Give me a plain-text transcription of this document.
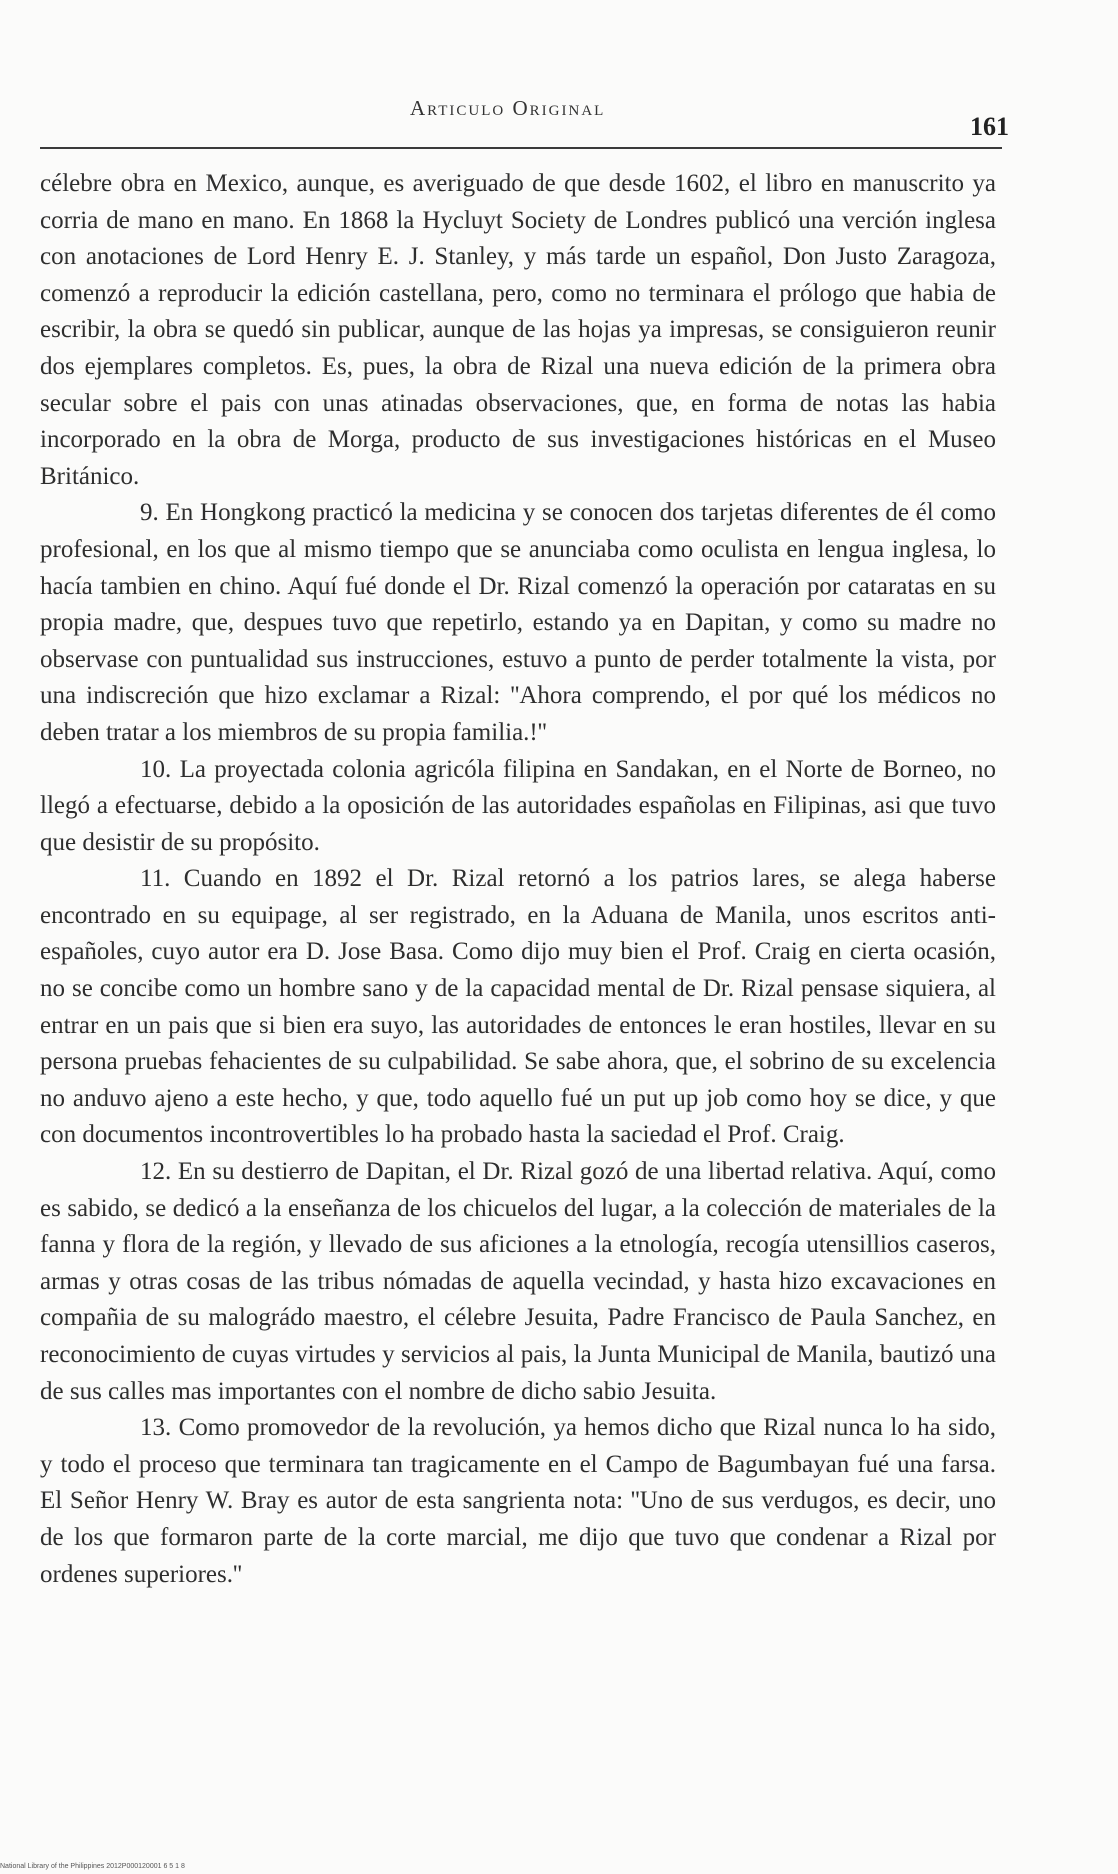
Articulo Original
161

célebre obra en Mexico, aunque, es averiguado de que desde 1602, el libro en manuscrito ya corria de mano en mano. En 1868 la Hycluyt Society de Londres publicó una verción inglesa con anotaciones de Lord Henry E. J. Stanley, y más tarde un español, Don Justo Zaragoza, comenzó a reproducir la edición castellana, pero, como no terminara el prólogo que habia de escribir, la obra se quedó sin publicar, aunque de las hojas ya impresas, se consiguieron reunir dos ejemplares completos. Es, pues, la obra de Rizal una nueva edición de la primera obra secular sobre el pais con unas atinadas observaciones, que, en forma de notas las habia incorporado en la obra de Morga, producto de sus investigaciones históricas en el Museo Británico.

9. En Hongkong practicó la medicina y se conocen dos tarjetas diferentes de él como profesional, en los que al mismo tiempo que se anunciaba como oculista en lengua inglesa, lo hacía tambien en chino. Aquí fué donde el Dr. Rizal comenzó la operación por cataratas en su propia madre, que, despues tuvo que repetirlo, estando ya en Dapitan, y como su madre no observase con puntualidad sus instrucciones, estuvo a punto de perder totalmente la vista, por una indiscreción que hizo exclamar a Rizal: ''Ahora comprendo, el por qué los médicos no deben tratar a los miembros de su propia familia.!''

10. La proyectada colonia agricóla filipina en Sandakan, en el Norte de Borneo, no llegó a efectuarse, debido a la oposición de las autoridades españolas en Filipinas, asi que tuvo que desistir de su propósito.

11. Cuando en 1892 el Dr. Rizal retornó a los patrios lares, se alega haberse encontrado en su equipage, al ser registrado, en la Aduana de Manila, unos escritos anti-españoles, cuyo autor era D. Jose Basa. Como dijo muy bien el Prof. Craig en cierta ocasión, no se concibe como un hombre sano y de la capacidad mental de Dr. Rizal pensase siquiera, al entrar en un pais que si bien era suyo, las autoridades de entonces le eran hostiles, llevar en su persona pruebas fehacientes de su culpabilidad. Se sabe ahora, que, el sobrino de su excelencia no anduvo ajeno a este hecho, y que, todo aquello fué un put up job como hoy se dice, y que con documentos incontrovertibles lo ha probado hasta la saciedad el Prof. Craig.

12. En su destierro de Dapitan, el Dr. Rizal gozó de una libertad relativa. Aquí, como es sabido, se dedicó a la enseñanza de los chicuelos del lugar, a la colección de materiales de la fanna y flora de la región, y llevado de sus aficiones a la etnología, recogía utensillios caseros, armas y otras cosas de las tribus nómadas de aquella vecindad, y hasta hizo excavaciones en compañia de su malográdo maestro, el célebre Jesuita, Padre Francisco de Paula Sanchez, en reconocimiento de cuyas virtudes y servicios al pais, la Junta Municipal de Manila, bautizó una de sus calles mas importantes con el nombre de dicho sabio Jesuita.

13. Como promovedor de la revolución, ya hemos dicho que Rizal nunca lo ha sido, y todo el proceso que terminara tan tragicamente en el Campo de Bagumbayan fué una farsa. El Señor Henry W. Bray es autor de esta sangrienta nota: ''Uno de sus verdugos, es decir, uno de los que formaron parte de la corte marcial, me dijo que tuvo que condenar a Rizal por ordenes superiores.''

National Library of the Philippines 2012P000120001 6 5 1 8
